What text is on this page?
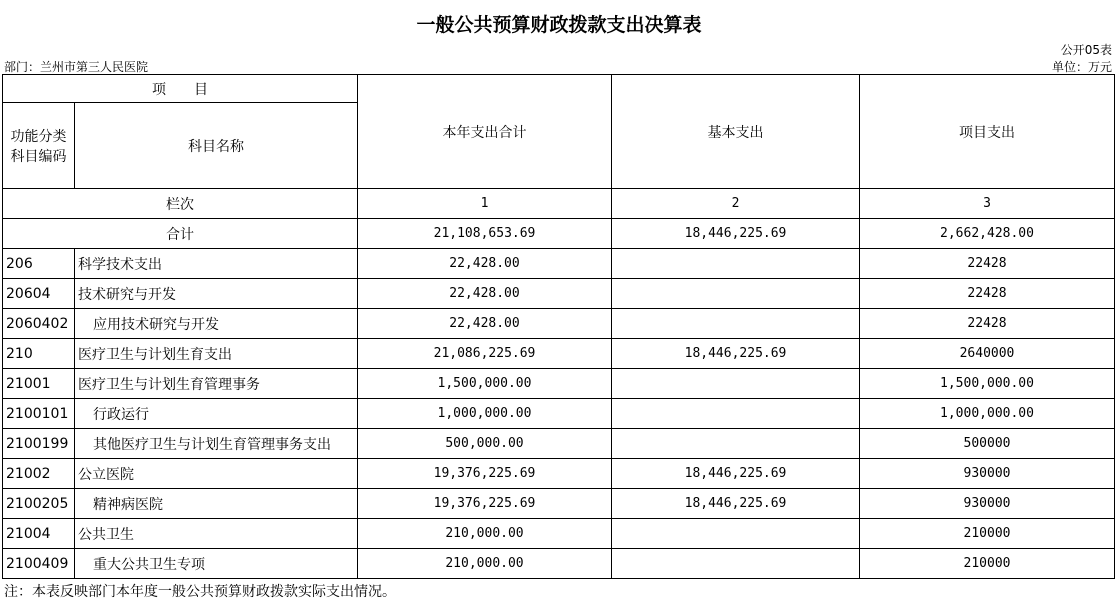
一般公共预算财政拨款支出决算表
公开05表
部门：兰州市第三人民医院	单位：万元
项　　目		本年支出合计	基本支出	项目支出
功能分类科目编码	科目名称			
栏次		1	2	3
合计		21,108,653.69	18,446,225.69	2,662,428.00
206	科学技术支出	22,428.00		22428
20604	技术研究与开发	22,428.00		22428
2060402	应用技术研究与开发	22,428.00		22428
210	医疗卫生与计划生育支出	21,086,225.69	18,446,225.69	2640000
21001	医疗卫生与计划生育管理事务	1,500,000.00		1,500,000.00
2100101	行政运行	1,000,000.00		1,000,000.00
2100199	其他医疗卫生与计划生育管理事务支出	500,000.00		500000
21002	公立医院	19,376,225.69	18,446,225.69	930000
2100205	精神病医院	19,376,225.69	18,446,225.69	930000
21004	公共卫生	210,000.00		210000
2100409	重大公共卫生专项	210,000.00		210000
注：本表反映部门本年度一般公共预算财政拨款实际支出情况。
